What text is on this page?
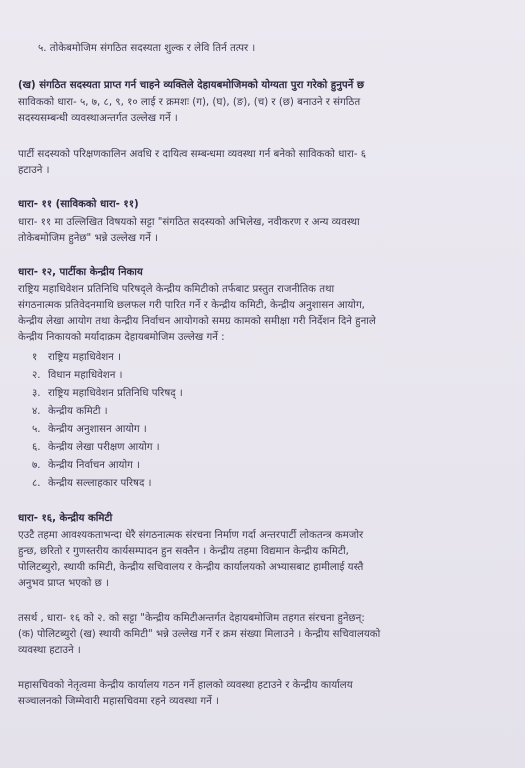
५. तोकेबमोजिम संगठित सदस्यता शुल्क र लेवि तिर्न तत्पर ।
(ख) संगठित सदस्यता प्राप्त गर्न चाहने व्यक्तिले देहायबमोजिमको योग्यता पुरा गरेको हुनुपर्ने छ
साविकको धारा- ५, ७, ८, ९, १० लाई र क्रमशः (ग), (घ), (ङ), (च) र (छ) बनाउने र संगठित
सदस्यसम्बन्धी व्यवस्थाअन्तर्गत उल्लेख गर्ने ।
पार्टी सदस्यको परिक्षणकालिन अवधि र दायित्व सम्बन्धमा व्यवस्था गर्न बनेको साविकको धारा- ६
हटाउने ।
धारा- ११ (साविकको धारा- ११)
धारा- ११ मा उल्लिखित विषयको सट्टा "संगठित सदस्यको अभिलेख, नवीकरण र अन्य व्यवस्था
तोकेबमोजिम हुनेछ" भन्ने उल्लेख गर्ने ।
धारा- १२, पार्टीका केन्द्रीय निकाय
राष्ट्रिय महाधिवेशन प्रतिनिधि परिषद्ले केन्द्रीय कमिटीको तर्फबाट प्रस्तुत राजनीतिक तथा
संगठनात्मक प्रतिवेदनमाथि छलफल गरी पारित गर्ने र केन्द्रीय कमिटी, केन्द्रीय अनुशासन आयोग,
केन्द्रीय लेखा आयोग तथा केन्द्रीय निर्वाचन आयोगको समग्र कामको समीक्षा गरी निर्देशन दिने हुनाले
केन्द्रीय निकायको मर्यादाक्रम देहायबमोजिम उल्लेख गर्ने :
१ राष्ट्रिय महाधिवेशन ।
२. विधान महाधिवेशन ।
३. राष्ट्रिय महाधिवेशन प्रतिनिधि परिषद् ।
४. केन्द्रीय कमिटी ।
५. केन्द्रीय अनुशासन आयोग ।
६. केन्द्रीय लेखा परीक्षण आयोग ।
७. केन्द्रीय निर्वाचन आयोग ।
८. केन्द्रीय सल्लाहकार परिषद ।
धारा- १६, केन्द्रीय कमिटी
एउटै तहमा आवश्यकताभन्दा धेरै संगठनात्मक संरचना निर्माण गर्दा अन्तरपार्टी लोकतन्त्र कमजोर
हुन्छ, छरितो र गुणस्तरीय कार्यसम्पादन हुन सक्तैन । केन्द्रीय तहमा विद्यमान केन्द्रीय कमिटी,
पोलिटब्युरो, स्थायी कमिटी, केन्द्रीय सचिवालय र केन्द्रीय कार्यालयको अभ्यासबाट हामीलाई यस्तै
अनुभव प्राप्त भएको छ ।
तसर्थ , धारा- १६ को २. को सट्टा "केन्द्रीय कमिटीअन्तर्गत देहायबमोजिम तहगत संरचना हुनेछन्:
(क) पोलिटब्युरो (ख) स्थायी कमिटी" भन्ने उल्लेख गर्ने र क्रम संख्या मिलाउने । केन्द्रीय सचिवालयको
व्यवस्था हटाउने ।
महासचिवको नेतृत्वमा केन्द्रीय कार्यालय गठन गर्ने हालको व्यवस्था हटाउने र केन्द्रीय कार्यालय
सञ्चालनको जिम्मेवारी महासचिवमा रहने व्यवस्था गर्ने ।
